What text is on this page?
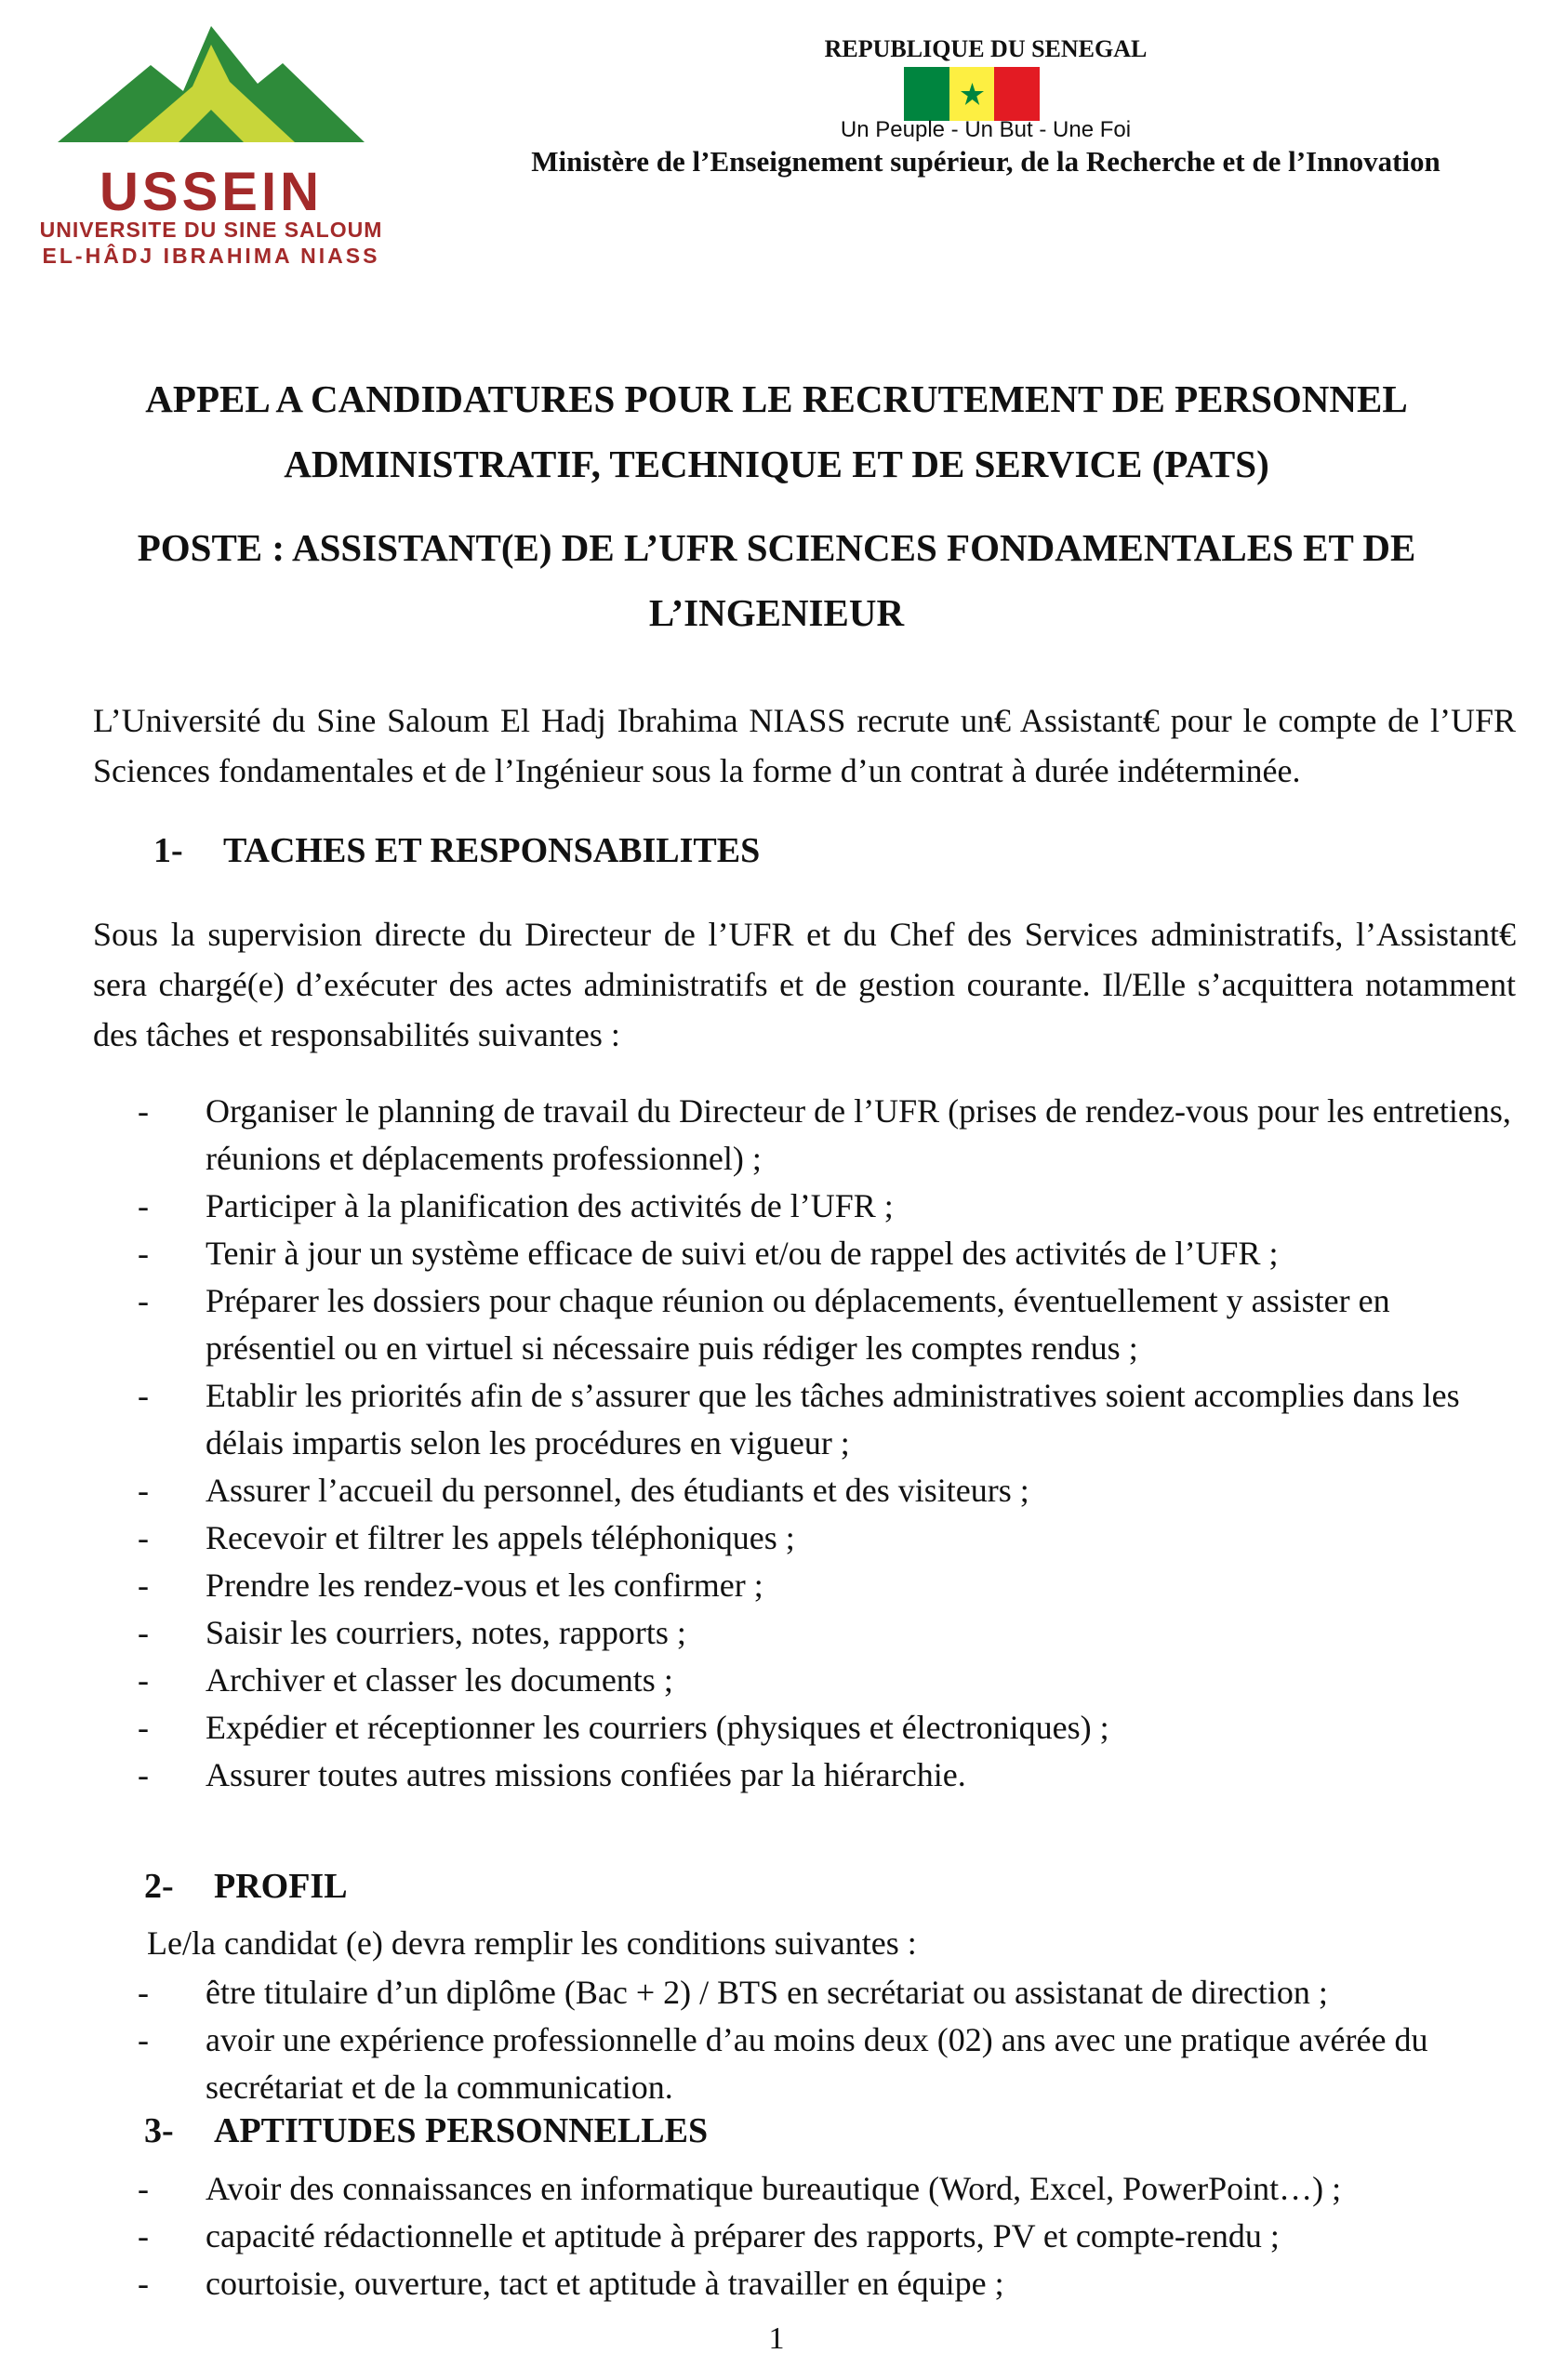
USSEIN
UNIVERSITE DU SINE SALOUM
EL-HÂDJ IBRAHIMA NIASS
REPUBLIQUE DU SENEGAL
Un Peuple - Un But - Une Foi
Ministère de l’Enseignement supérieur, de la Recherche et de l’Innovation
APPEL A CANDIDATURES POUR LE RECRUTEMENT DE PERSONNEL
ADMINISTRATIF, TECHNIQUE ET DE SERVICE (PATS)
POSTE : ASSISTANT(E) DE L’UFR SCIENCES FONDAMENTALES ET DE
L’INGENIEUR
L’Université du Sine Saloum El Hadj Ibrahima NIASS recrute un€ Assistant€ pour le compte de l’UFR Sciences fondamentales et de l’Ingénieur sous la forme d’un contrat à durée indéterminée.
1- TACHES ET RESPONSABILITES
Sous la supervision directe du Directeur de l’UFR et du Chef des Services administratifs, l’Assistant€ sera chargé(e) d’exécuter des actes administratifs et de gestion courante. Il/Elle s’acquittera notamment des tâches et responsabilités suivantes :
- Organiser le planning de travail du Directeur de l’UFR (prises de rendez-vous pour les entretiens, réunions et déplacements professionnel) ;
- Participer à la planification des activités de l’UFR ;
- Tenir à jour un système efficace de suivi et/ou de rappel des activités de l’UFR ;
- Préparer les dossiers pour chaque réunion ou déplacements, éventuellement y assister en présentiel ou en virtuel si nécessaire puis rédiger les comptes rendus ;
- Etablir les priorités afin de s’assurer que les tâches administratives soient accomplies dans les délais impartis selon les procédures en vigueur ;
- Assurer l’accueil du personnel, des étudiants et des visiteurs ;
- Recevoir et filtrer les appels téléphoniques ;
- Prendre les rendez-vous et les confirmer ;
- Saisir les courriers, notes, rapports ;
- Archiver et classer les documents ;
- Expédier et réceptionner les courriers (physiques et électroniques) ;
- Assurer toutes autres missions confiées par la hiérarchie.
2- PROFIL
Le/la candidat (e) devra remplir les conditions suivantes :
- être titulaire d’un diplôme (Bac + 2) / BTS en secrétariat ou assistanat de direction ;
- avoir une expérience professionnelle d’au moins deux (02) ans avec une pratique avérée du secrétariat et de la communication.
3- APTITUDES PERSONNELLES
- Avoir des connaissances en informatique bureautique (Word, Excel, PowerPoint…) ;
- capacité rédactionnelle et aptitude à préparer des rapports, PV et compte-rendu ;
- courtoisie, ouverture, tact et aptitude à travailler en équipe ;
1
